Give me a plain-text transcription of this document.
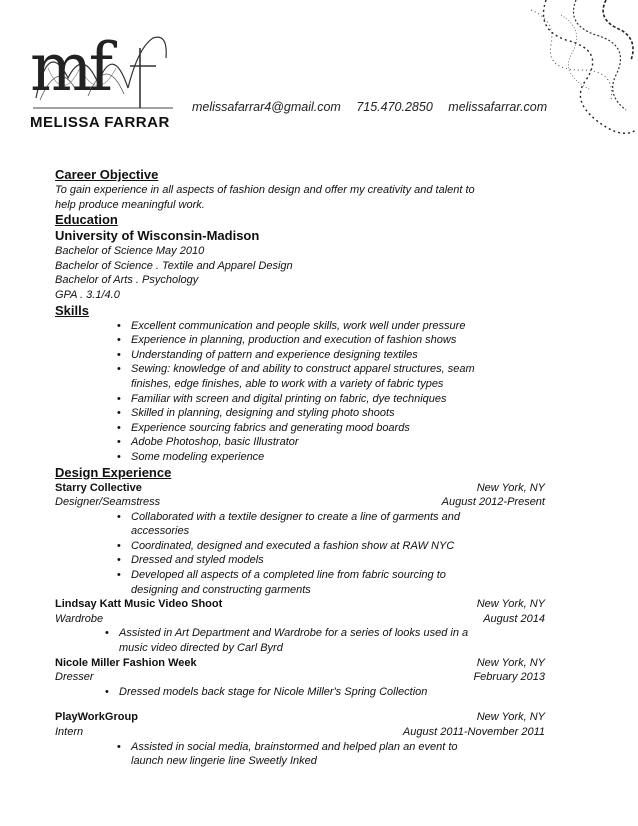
mf
MELISSA FARRAR
melissafarrar4@gmail.com 715.470.2850 melissafarrar.com

Career Objective

To gain experience in all aspects of fashion design and offer my creativity and talent to

help produce meaningful work.

Education

University of Wisconsin-Madison

Bachelor of Science May 2010

Bachelor of Science . Textile and Apparel Design

Bachelor of Arts . Psychology

GPA . 3.1/4.0

Skills

• Excellent communication and people skills, work well under pressure
• Experience in planning, production and execution of fashion shows
• Understanding of pattern and experience designing textiles
• Sewing: knowledge of and ability to construct apparel structures, seam
finishes, edge finishes, able to work with a variety of fabric types
• Familiar with screen and digital printing on fabric, dye techniques
• Skilled in planning, designing and styling photo shoots
• Experience sourcing fabrics and generating mood boards
• Adobe Photoshop, basic Illustrator
• Some modeling experience

Design Experience

Starry Collective	New York, NY
Designer/Seamstress	August 2012-Present
• Collaborated with a textile designer to create a line of garments and
accessories
• Coordinated, designed and executed a fashion show at RAW NYC
• Dressed and styled models
• Developed all aspects of a completed line from fabric sourcing to
designing and constructing garments
Lindsay Katt Music Video Shoot	New York, NY
Wardrobe	August 2014
• Assisted in Art Department and Wardrobe for a series of looks used in a
music video directed by Carl Byrd
Nicole Miller Fashion Week	New York, NY
Dresser	February 2013
• Dressed models back stage for Nicole Miller's Spring Collection
PlayWorkGroup	New York, NY
Intern	August 2011-November 2011
• Assisted in social media, brainstormed and helped plan an event to
launch new lingerie line Sweetly Inked
